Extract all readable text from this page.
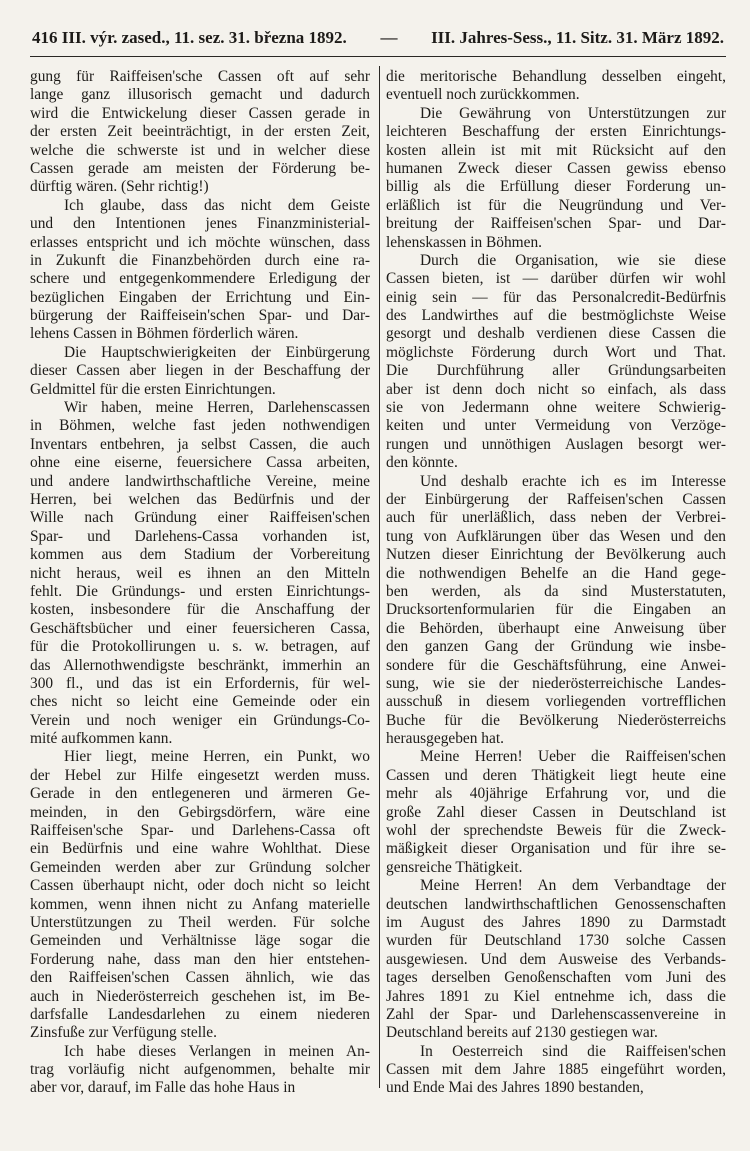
416 III. výr. zased., 11. sez. 31. března 1892. — III. Jahres-Sess., 11. Sitz. 31. März 1892.
gung für Raiffeisen'sche Cassen oft auf sehr
lange ganz illusorisch gemacht und dadurch
wird die Entwickelung dieser Cassen gerade in
der ersten Zeit beeinträchtigt, in der ersten Zeit,
welche die schwerste ist und in welcher diese
Cassen gerade am meisten der Förderung be-
dürftig wären. (Sehr richtig!)
Ich glaube, dass das nicht dem Geiste
und den Intentionen jenes Finanzministerial-
erlasses entspricht und ich möchte wünschen, dass
in Zukunft die Finanzbehörden durch eine ra-
schere und entgegenkommendere Erledigung der
bezüglichen Eingaben der Errichtung und Ein-
bürgerung der Raiffeisein'schen Spar- und Dar-
lehens Cassen in Böhmen förderlich wären.
Die Hauptschwierigkeiten der Einbürgerung
dieser Cassen aber liegen in der Beschaffung der
Geldmittel für die ersten Einrichtungen.
Wir haben, meine Herren, Darlehenscassen
in Böhmen, welche fast jeden nothwendigen
Inventars entbehren, ja selbst Cassen, die auch
ohne eine eiserne, feuersichere Cassa arbeiten,
und andere landwirthschaftliche Vereine, meine
Herren, bei welchen das Bedürfnis und der
Wille nach Gründung einer Raiffeisen'schen
Spar- und Darlehens-Cassa vorhanden ist,
kommen aus dem Stadium der Vorbereitung
nicht heraus, weil es ihnen an den Mitteln
fehlt. Die Gründungs- und ersten Einrichtungs-
kosten, insbesondere für die Anschaffung der
Geschäftsbücher und einer feuersicheren Cassa,
für die Protokollirungen u. s. w. betragen, auf
das Allernothwendigste beschränkt, immerhin an
300 fl., und das ist ein Erfordernis, für wel-
ches nicht so leicht eine Gemeinde oder ein
Verein und noch weniger ein Gründungs-Co-
mité aufkommen kann.
Hier liegt, meine Herren, ein Punkt, wo
der Hebel zur Hilfe eingesetzt werden muss.
Gerade in den entlegeneren und ärmeren Ge-
meinden, in den Gebirgsdörfern, wäre eine
Raiffeisen'sche Spar- und Darlehens-Cassa oft
ein Bedürfnis und eine wahre Wohlthat. Diese
Gemeinden werden aber zur Gründung solcher
Cassen überhaupt nicht, oder doch nicht so leicht
kommen, wenn ihnen nicht zu Anfang materielle
Unterstützungen zu Theil werden. Für solche
Gemeinden und Verhältnisse läge sogar die
Forderung nahe, dass man den hier entstehen-
den Raiffeisen'schen Cassen ähnlich, wie das
auch in Niederösterreich geschehen ist, im Be-
darfsfalle Landesdarlehen zu einem niederen
Zinsfuße zur Verfügung stelle.
Ich habe dieses Verlangen in meinen An-
trag vorläufig nicht aufgenommen, behalte mir
aber vor, darauf, im Falle das hohe Haus in
die meritorische Behandlung desselben eingeht,
eventuell noch zurückkommen.
Die Gewährung von Unterstützungen zur
leichteren Beschaffung der ersten Einrichtungs-
kosten allein ist mit mit Rücksicht auf den
humanen Zweck dieser Cassen gewiss ebenso
billig als die Erfüllung dieser Forderung un-
erläßlich ist für die Neugründung und Ver-
breitung der Raiffeisen'schen Spar- und Dar-
lehenskassen in Böhmen.
Durch die Organisation, wie sie diese
Cassen bieten, ist — darüber dürfen wir wohl
einig sein — für das Personalcredit-Bedürfnis
des Landwirthes auf die bestmöglichste Weise
gesorgt und deshalb verdienen diese Cassen die
möglichste Förderung durch Wort und That.
Die Durchführung aller Gründungsarbeiten
aber ist denn doch nicht so einfach, als dass
sie von Jedermann ohne weitere Schwierig-
keiten und unter Vermeidung von Verzöge-
rungen und unnöthigen Auslagen besorgt wer-
den könnte.
Und deshalb erachte ich es im Interesse
der Einbürgerung der Raffeisen'schen Cassen
auch für unerläßlich, dass neben der Verbrei-
tung von Aufklärungen über das Wesen und den
Nutzen dieser Einrichtung der Bevölkerung auch
die nothwendigen Behelfe an die Hand gege-
ben werden, als da sind Musterstatuten,
Drucksortenformularien für die Eingaben an
die Behörden, überhaupt eine Anweisung über
den ganzen Gang der Gründung wie insbe-
sondere für die Geschäftsführung, eine Anwei-
sung, wie sie der niederösterreichische Landes-
ausschuß in diesem vorliegenden vortrefflichen
Buche für die Bevölkerung Niederösterreichs
herausgegeben hat.
Meine Herren! Ueber die Raiffeisen'schen
Cassen und deren Thätigkeit liegt heute eine
mehr als 40jährige Erfahrung vor, und die
große Zahl dieser Cassen in Deutschland ist
wohl der sprechendste Beweis für die Zweck-
mäßigkeit dieser Organisation und für ihre se-
gensreiche Thätigkeit.
Meine Herren! An dem Verbandtage der
deutschen landwirthschaftlichen Genossenschaften
im August des Jahres 1890 zu Darmstadt
wurden für Deutschland 1730 solche Cassen
ausgewiesen. Und dem Ausweise des Verbands-
tages derselben Genoßenschaften vom Juni des
Jahres 1891 zu Kiel entnehme ich, dass die
Zahl der Spar- und Darlehenscassenvereine in
Deutschland bereits auf 2130 gestiegen war.
In Oesterreich sind die Raiffeisen'schen
Cassen mit dem Jahre 1885 eingeführt worden,
und Ende Mai des Jahres 1890 bestanden,
